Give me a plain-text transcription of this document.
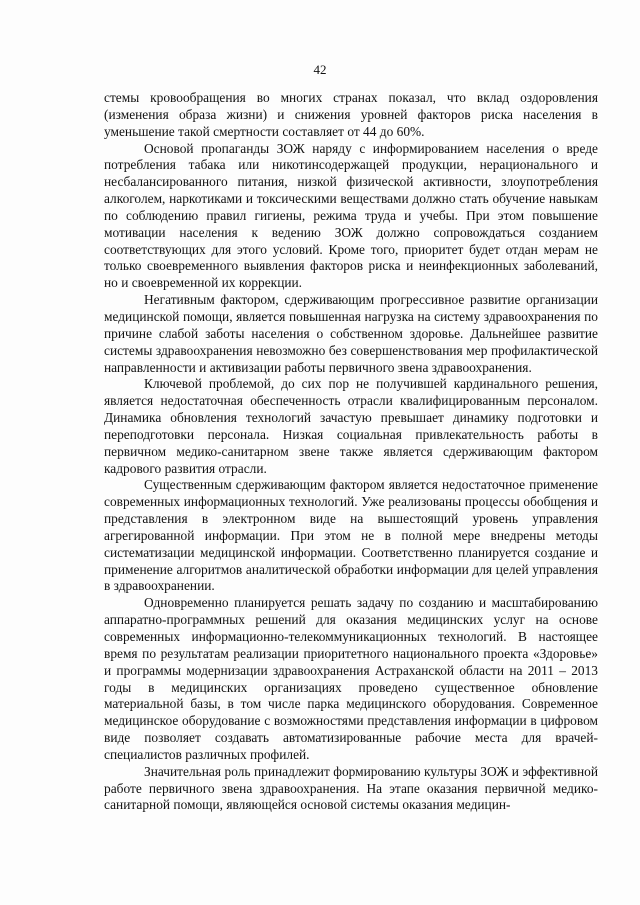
42

стемы кровообращения во многих странах показал, что вклад оздоровления (изменения образа жизни) и снижения уровней факторов риска населения в уменьшение такой смертности составляет от 44 до 60%.

Основой пропаганды ЗОЖ наряду с информированием населения о вреде потребления табака или никотинсодержащей продукции, нерационального и несбалансированного питания, низкой физической активности, злоупотребления алкоголем, наркотиками и токсическими веществами должно стать обучение навыкам по соблюдению правил гигиены, режима труда и учебы. При этом повышение мотивации населения к ведению ЗОЖ должно сопровождаться созданием соответствующих для этого условий. Кроме того, приоритет будет отдан мерам не только своевременного выявления факторов риска и неинфекционных заболеваний, но и своевременной их коррекции.

Негативным фактором, сдерживающим прогрессивное развитие организации медицинской помощи, является повышенная нагрузка на систему здравоохранения по причине слабой заботы населения о собственном здоровье. Дальнейшее развитие системы здравоохранения невозможно без совершенствования мер профилактической направленности и активизации работы первичного звена здравоохранения.

Ключевой проблемой, до сих пор не получившей кардинального решения, является недостаточная обеспеченность отрасли квалифицированным персоналом. Динамика обновления технологий зачастую превышает динамику подготовки и переподготовки персонала. Низкая социальная привлекательность работы в первичном медико-санитарном звене также является сдерживающим фактором кадрового развития отрасли.

Существенным сдерживающим фактором является недостаточное применение современных информационных технологий. Уже реализованы процессы обобщения и представления в электронном виде на вышестоящий уровень управления агрегированной информации. При этом не в полной мере внедрены методы систематизации медицинской информации. Соответственно планируется создание и применение алгоритмов аналитической обработки информации для целей управления в здравоохранении.

Одновременно планируется решать задачу по созданию и масштабированию аппаратно-программных решений для оказания медицинских услуг на основе современных информационно-телекоммуникационных технологий. В настоящее время по результатам реализации приоритетного национального проекта «Здоровье» и программы модернизации здравоохранения Астраханской области на 2011 – 2013 годы в медицинских организациях проведено существенное обновление материальной базы, в том числе парка медицинского оборудования. Современное медицинское оборудование с возможностями представления информации в цифровом виде позволяет создавать автоматизированные рабочие места для врачей-специалистов различных профилей.

Значительная роль принадлежит формированию культуры ЗОЖ и эффективной работе первичного звена здравоохранения. На этапе оказания первичной медико-санитарной помощи, являющейся основой системы оказания медицин-
